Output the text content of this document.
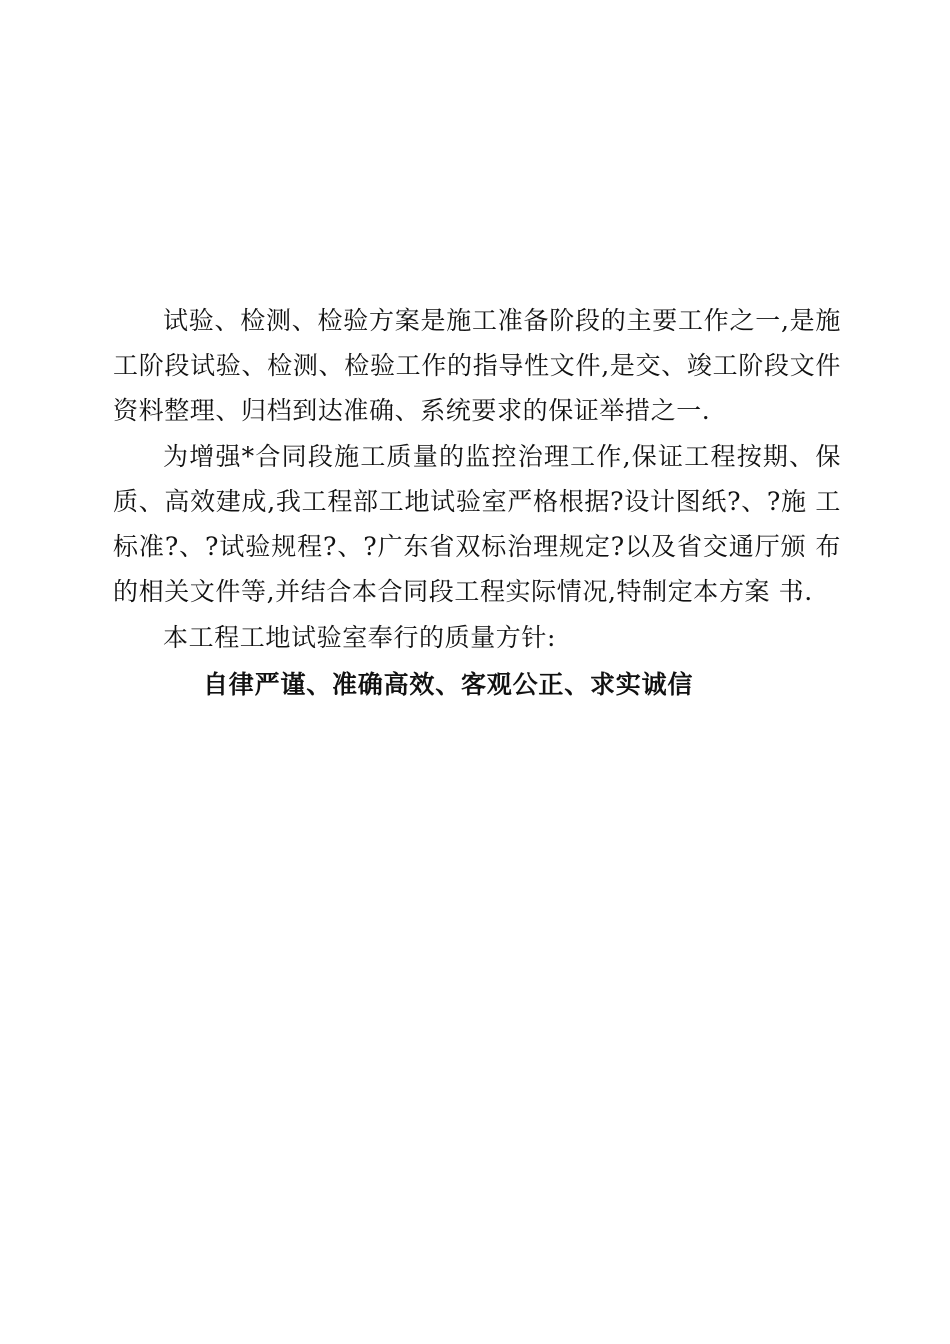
试验、检测、检验方案是施工准备阶段的主要工作之一,是施工阶段试验、检测、检验工作的指导性文件,是交、竣工阶段文件资料整理、归档到达准确、系统要求的保证举措之一.

为增强*合同段施工质量的监控治理工作,保证工程按期、保质、高效建成,我工程部工地试验室严格根据?设计图纸?、?施 工标准?、?试验规程?、?广东省双标治理规定?以及省交通厅颁 布的相关文件等,并结合本合同段工程实际情况,特制定本方案 书.

本工程工地试验室奉行的质量方针:

自律严谨、准确高效、客观公正、求实诚信
